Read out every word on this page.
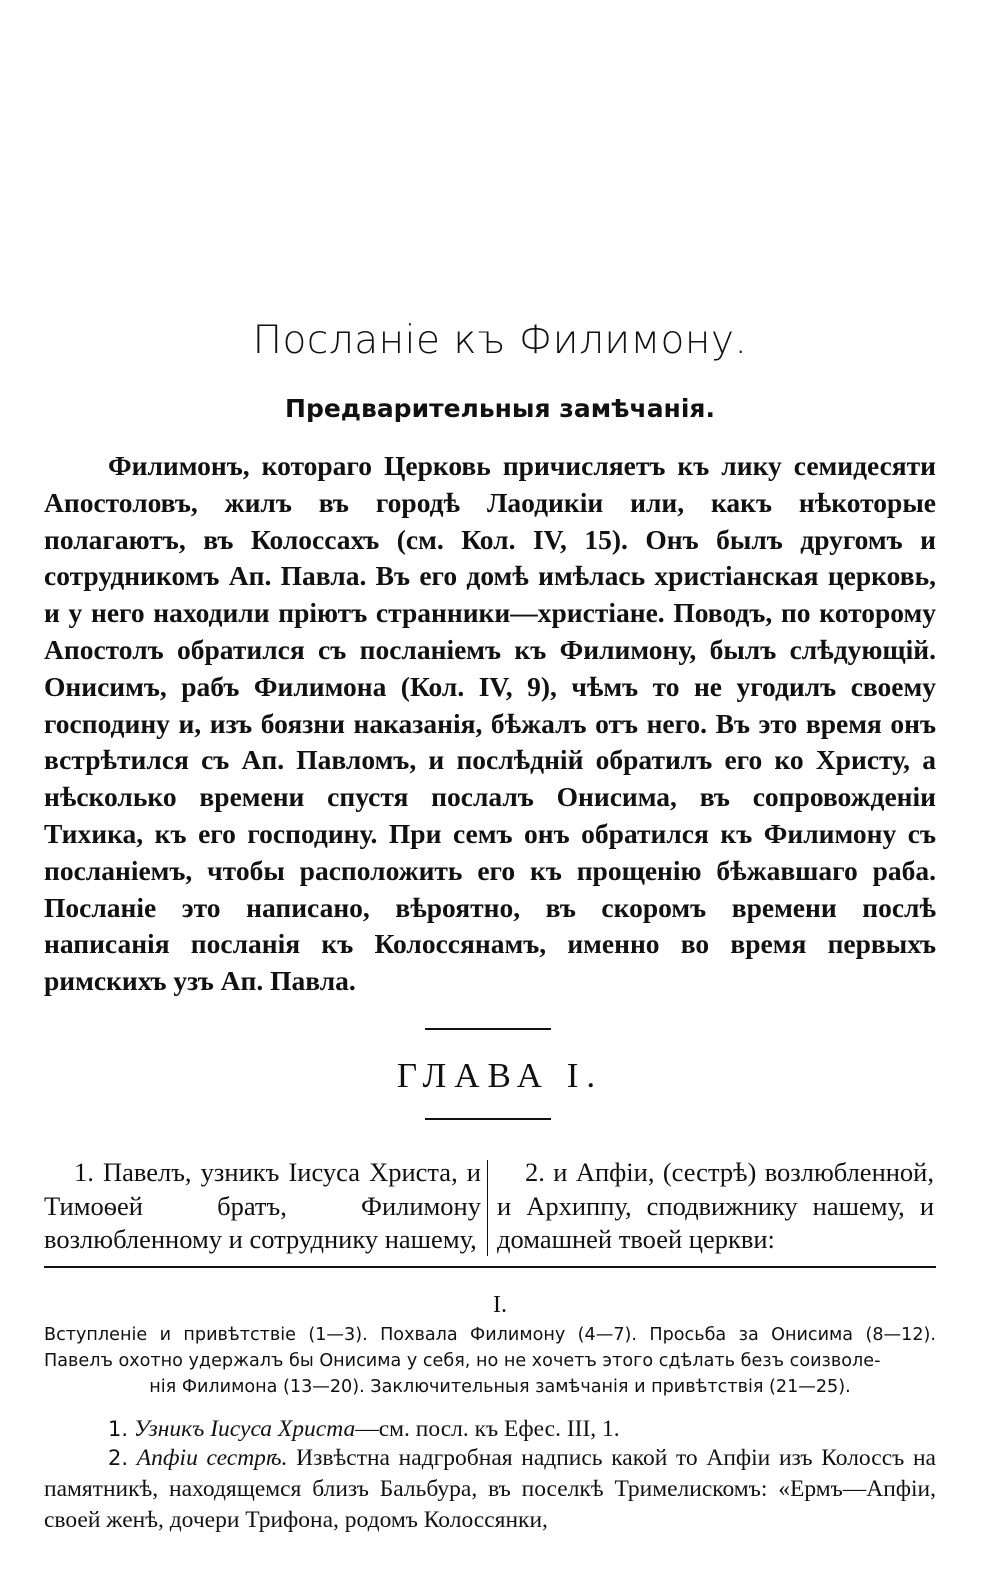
Посланіе къ Филимону.
Предварительныя замѣчанія.

Филимонъ, котораго Церковь причисляетъ къ лику семидесяти Апостоловъ, жилъ въ городѣ Лаодикіи или, какъ нѣкоторые полагаютъ, въ Колоссахъ (см. Кол. IV, 15). Онъ былъ другомъ и сотрудникомъ Ап. Павла. Въ его домѣ имѣлась христіанская церковь, и у него находили пріютъ странники—христіане. Поводъ, по которому Апостолъ обратился съ посланіемъ къ Филимону, былъ слѣдующій. Онисимъ, рабъ Филимона (Кол. IV, 9), чѣмъ то не угодилъ своему господину и, изъ боязни наказанія, бѣжалъ отъ него. Въ это время онъ встрѣтился съ Ап. Павломъ, и послѣдній обратилъ его ко Христу, а нѣсколько времени спустя послалъ Онисима, въ сопровожденіи Тихика, къ его господину. При семъ онъ обратился къ Филимону съ посланіемъ, чтобы расположить его къ прощенію бѣжавшаго раба. Посланіе это написано, вѣроятно, въ скоромъ времени послѣ написанія посланія къ Колоссянамъ, именно во время первыхъ римскихъ узъ Ап. Павла.

ГЛАВА I.

1. Павелъ, узникъ Іисуса Христа, и Тимоѳей братъ, Филимону возлюбленному и сотруднику нашему,

2. и Апфіи, (сестрѣ) возлюбленной, и Архиппу, сподвижнику нашему, и домашней твоей церкви:

I.

Вступленіе и привѣтствіе (1—3). Похвала Филимону (4—7). Просьба за Онисима (8—12). Павелъ охотно удержалъ бы Онисима у себя, но не хочетъ этого сдѣлать безъ соизволе-

нія Филимона (13—20). Заключительныя замѣчанія и привѣтствія (21—25).

1. Узникъ Іисуса Христа—см. посл. къ Ефес. III, 1.

2. Апфіи сестрѣ. Извѣстна надгробная надпись какой то Апфіи изъ Колоссъ на памятникѣ, находящемся близъ Бальбура, въ поселкѣ Тримелискомъ: «Ермъ—Апфіи, своей женѣ, дочери Трифона, родомъ Колоссянки,
